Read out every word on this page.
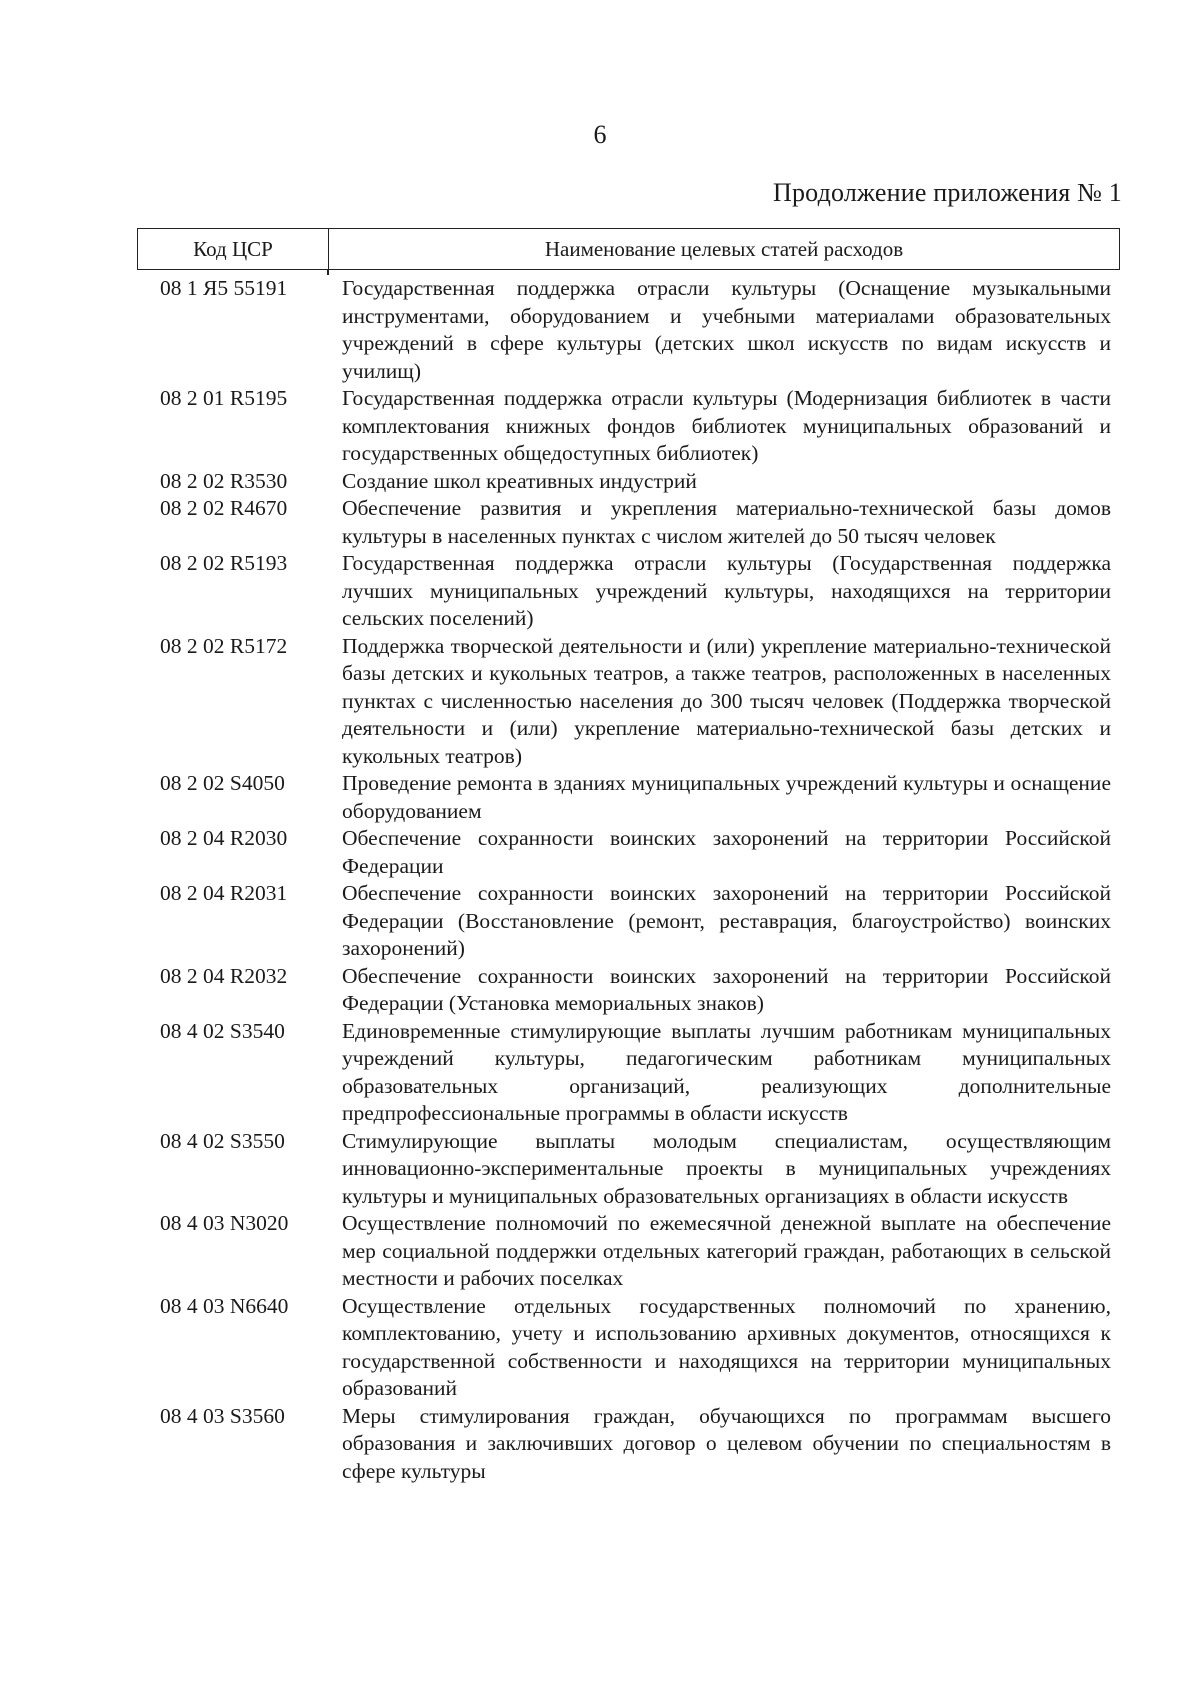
6
Продолжение приложения № 1
Код ЦСР	Наименование целевых статей расходов
08 1 Я5 55191	Государственная поддержка отрасли культуры (Оснащение музыкальными инструментами, оборудованием и учебными материалами образовательных учреждений в сфере культуры (детских школ искусств по видам искусств и училищ)
08 2 01 R5195	Государственная поддержка отрасли культуры (Модернизация библиотек в части комплектования книжных фондов библиотек муниципальных образований и государственных общедоступных библиотек)
08 2 02 R3530	Создание школ креативных индустрий
08 2 02 R4670	Обеспечение развития и укрепления материально-технической базы домов культуры в населенных пунктах с числом жителей до 50 тысяч человек
08 2 02 R5193	Государственная поддержка отрасли культуры (Государственная поддержка лучших муниципальных учреждений культуры, находящихся на территории сельских поселений)
08 2 02 R5172	Поддержка творческой деятельности и (или) укрепление материально-технической базы детских и кукольных театров, а также театров, расположенных в населенных пунктах с численностью населения до 300 тысяч человек (Поддержка творческой деятельности и (или) укрепление материально-технической базы детских и кукольных театров)
08 2 02 S4050	Проведение ремонта в зданиях муниципальных учреждений культуры и оснащение оборудованием
08 2 04 R2030	Обеспечение сохранности воинских захоронений на территории Российской Федерации
08 2 04 R2031	Обеспечение сохранности воинских захоронений на территории Российской Федерации (Восстановление (ремонт, реставрация, благоустройство) воинских захоронений)
08 2 04 R2032	Обеспечение сохранности воинских захоронений на территории Российской Федерации (Установка мемориальных знаков)
08 4 02 S3540	Единовременные стимулирующие выплаты лучшим работникам муниципальных учреждений культуры, педагогическим работникам муниципальных образовательных организаций, реализующих дополнительные предпрофессиональные программы в области искусств
08 4 02 S3550	Стимулирующие выплаты молодым специалистам, осуществляющим инновационно-экспериментальные проекты в муниципальных учреждениях культуры и муниципальных образовательных организациях в области искусств
08 4 03 N3020	Осуществление полномочий по ежемесячной денежной выплате на обеспечение мер социальной поддержки отдельных категорий граждан, работающих в сельской местности и рабочих поселках
08 4 03 N6640	Осуществление отдельных государственных полномочий по хранению, комплектованию, учету и использованию архивных документов, относящихся к государственной собственности и находящихся на территории муниципальных образований
08 4 03 S3560	Меры стимулирования граждан, обучающихся по программам высшего образования и заключивших договор о целевом обучении по специальностям в сфере культуры
